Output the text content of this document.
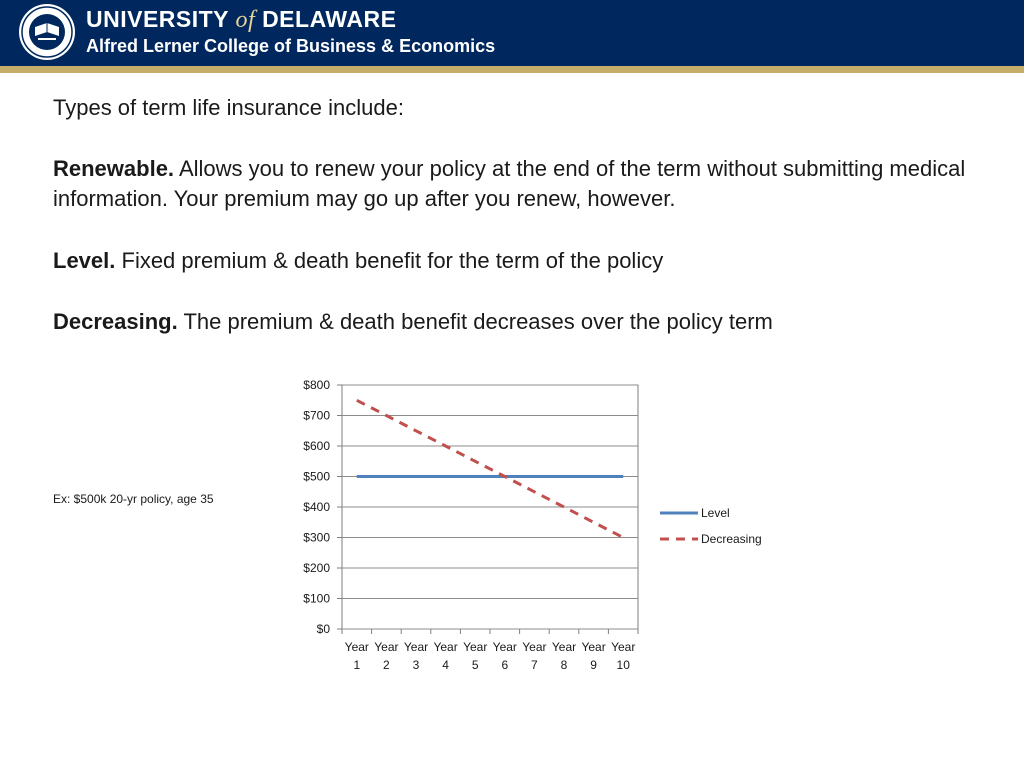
UNIVERSITY of DELAWARE
Alfred Lerner College of Business & Economics
Types of term life insurance include:
Renewable. Allows you to renew your policy at the end of the term without submitting medical information. Your premium may go up after you renew, however.
Level. Fixed premium & death benefit for the term of the policy
Decreasing. The premium & death benefit decreases over the policy term
Ex: $500k 20-yr policy, age 35
$0
$100
$200
$300
$400
$500
$600
$700
$800
Year
1
Year
2
Year
3
Year
4
Year
5
Year
6
Year
7
Year
8
Year
9
Year
10
Level
Decreasing
